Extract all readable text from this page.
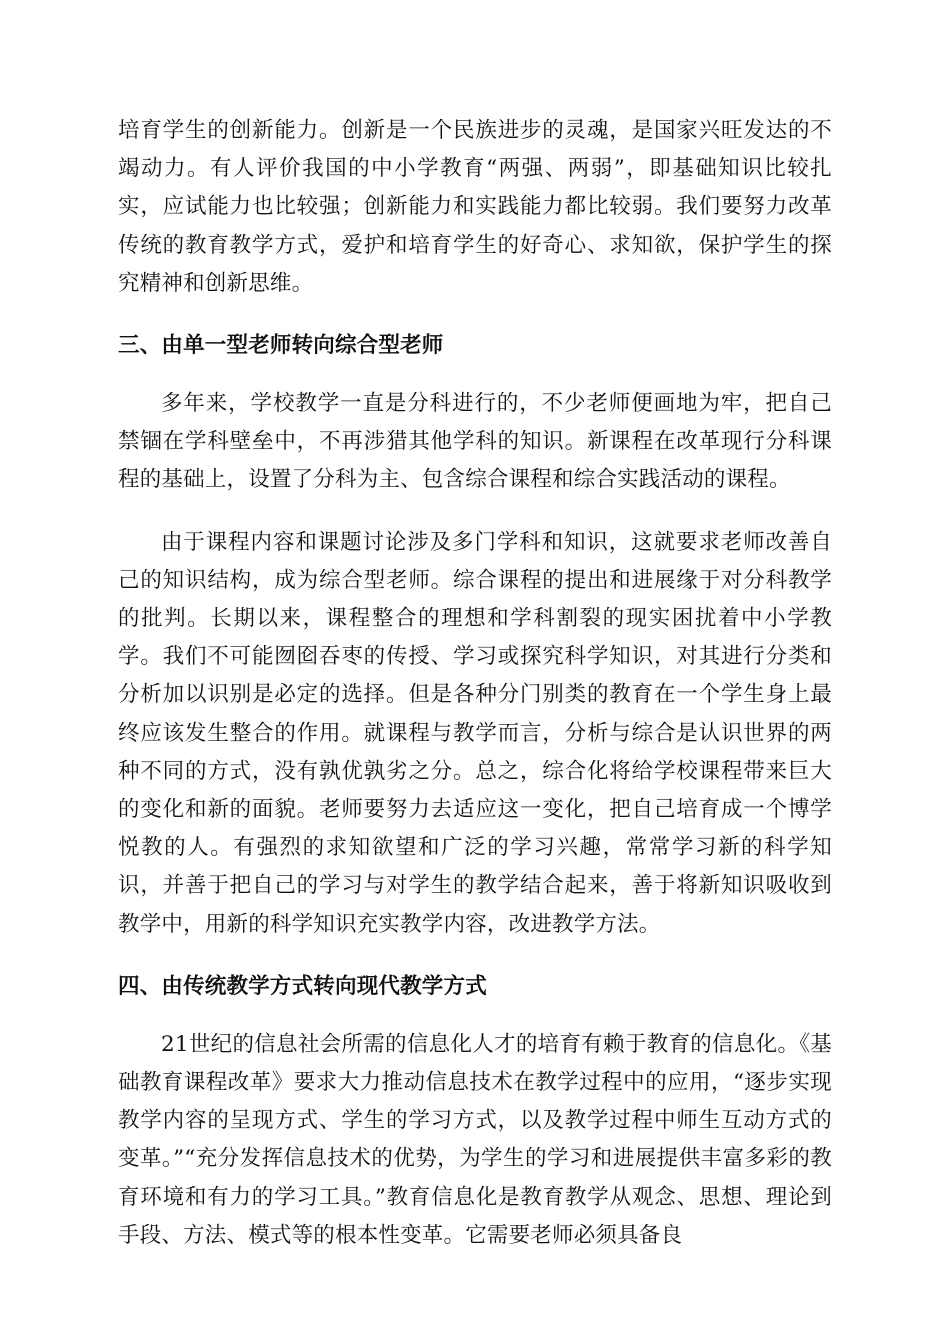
培育学生的创新能力。创新是一个民族进步的灵魂，是国家兴旺发达的不竭动力。有人评价我国的中小学教育“两强、两弱”，即基础知识比较扎实，应试能力也比较强；创新能力和实践能力都比较弱。我们要努力改革传统的教育教学方式，爱护和培育学生的好奇心、求知欲，保护学生的探究精神和创新思维。

三、由单一型老师转向综合型老师

多年来，学校教学一直是分科进行的，不少老师便画地为牢，把自己禁锢在学科壁垒中，不再涉猎其他学科的知识。新课程在改革现行分科课程的基础上，设置了分科为主、包含综合课程和综合实践活动的课程。

由于课程内容和课题讨论涉及多门学科和知识，这就要求老师改善自己的知识结构，成为综合型老师。综合课程的提出和进展缘于对分科教学的批判。长期以来，课程整合的理想和学科割裂的现实困扰着中小学教学。我们不可能囫囵吞枣的传授、学习或探究科学知识，对其进行分类和分析加以识别是必定的选择。但是各种分门别类的教育在一个学生身上最终应该发生整合的作用。就课程与教学而言，分析与综合是认识世界的两种不同的方式，没有孰优孰劣之分。总之，综合化将给学校课程带来巨大的变化和新的面貌。老师要努力去适应这一变化，把自己培育成一个博学悦教的人。有强烈的求知欲望和广泛的学习兴趣，常常学习新的科学知识，并善于把自己的学习与对学生的教学结合起来，善于将新知识吸收到教学中，用新的科学知识充实教学内容，改进教学方法。

四、由传统教学方式转向现代教学方式

21世纪的信息社会所需的信息化人才的培育有赖于教育的信息化。《基础教育课程改革》要求大力推动信息技术在教学过程中的应用，“逐步实现教学内容的呈现方式、学生的学习方式，以及教学过程中师生互动方式的变革。”“充分发挥信息技术的优势，为学生的学习和进展提供丰富多彩的教育环境和有力的学习工具。”教育信息化是教育教学从观念、思想、理论到手段、方法、模式等的根本性变革。它需要老师必须具备良
